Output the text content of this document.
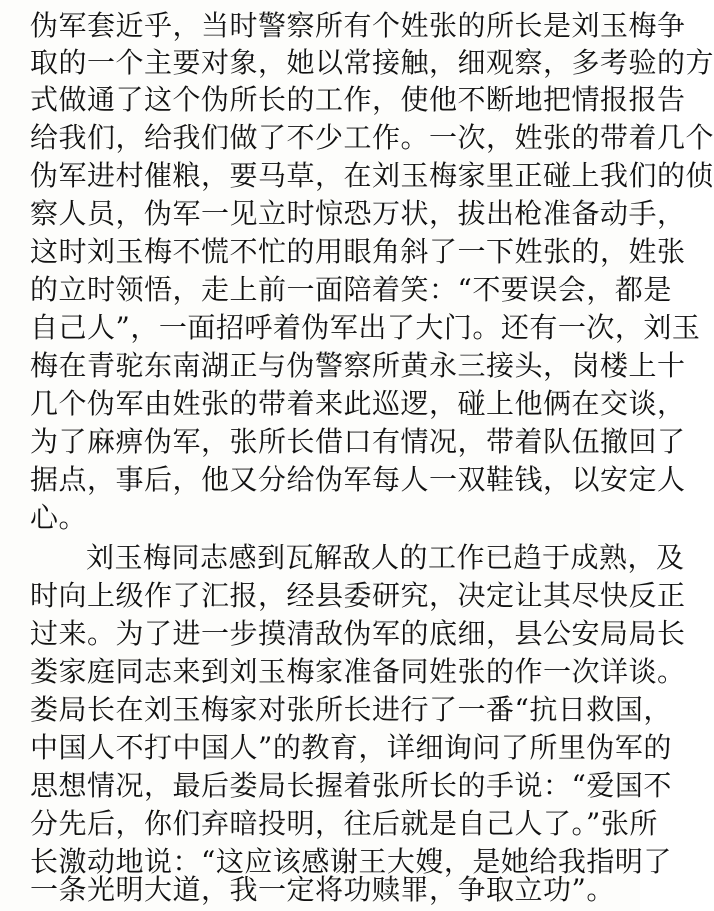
伪军套近乎，当时警察所有个姓张的所长是刘玉梅争
取的一个主要对象，她以常接触，细观察，多考验的方
式做通了这个伪所长的工作，使他不断地把情报报告
给我们，给我们做了不少工作。一次，姓张的带着几个
伪军进村催粮，要马草，在刘玉梅家里正碰上我们的侦
察人员，伪军一见立时惊恐万状，拔出枪准备动手，
这时刘玉梅不慌不忙的用眼角斜了一下姓张的，姓张
的立时领悟，走上前一面陪着笑：“不要误会，都是
自己人”，一面招呼着伪军出了大门。还有一次，刘玉
梅在青驼东南湖正与伪警察所黄永三接头，岗楼上十
几个伪军由姓张的带着来此巡逻，碰上他俩在交谈，
为了麻痹伪军，张所长借口有情况，带着队伍撤回了
据点，事后，他又分给伪军每人一双鞋钱，以安定人
心。
刘玉梅同志感到瓦解敌人的工作已趋于成熟，及
时向上级作了汇报，经县委研究，决定让其尽快反正
过来。为了进一步摸清敌伪军的底细，县公安局局长
娄家庭同志来到刘玉梅家准备同姓张的作一次详谈。
娄局长在刘玉梅家对张所长进行了一番“抗日救国，
中国人不打中国人”的教育，详细询问了所里伪军的
思想情况，最后娄局长握着张所长的手说：“爱国不
分先后，你们弃暗投明，往后就是自己人了。”张所
长激动地说：“这应该感谢王大嫂，是她给我指明了
一条光明大道，我一定将功赎罪，争取立功”。
